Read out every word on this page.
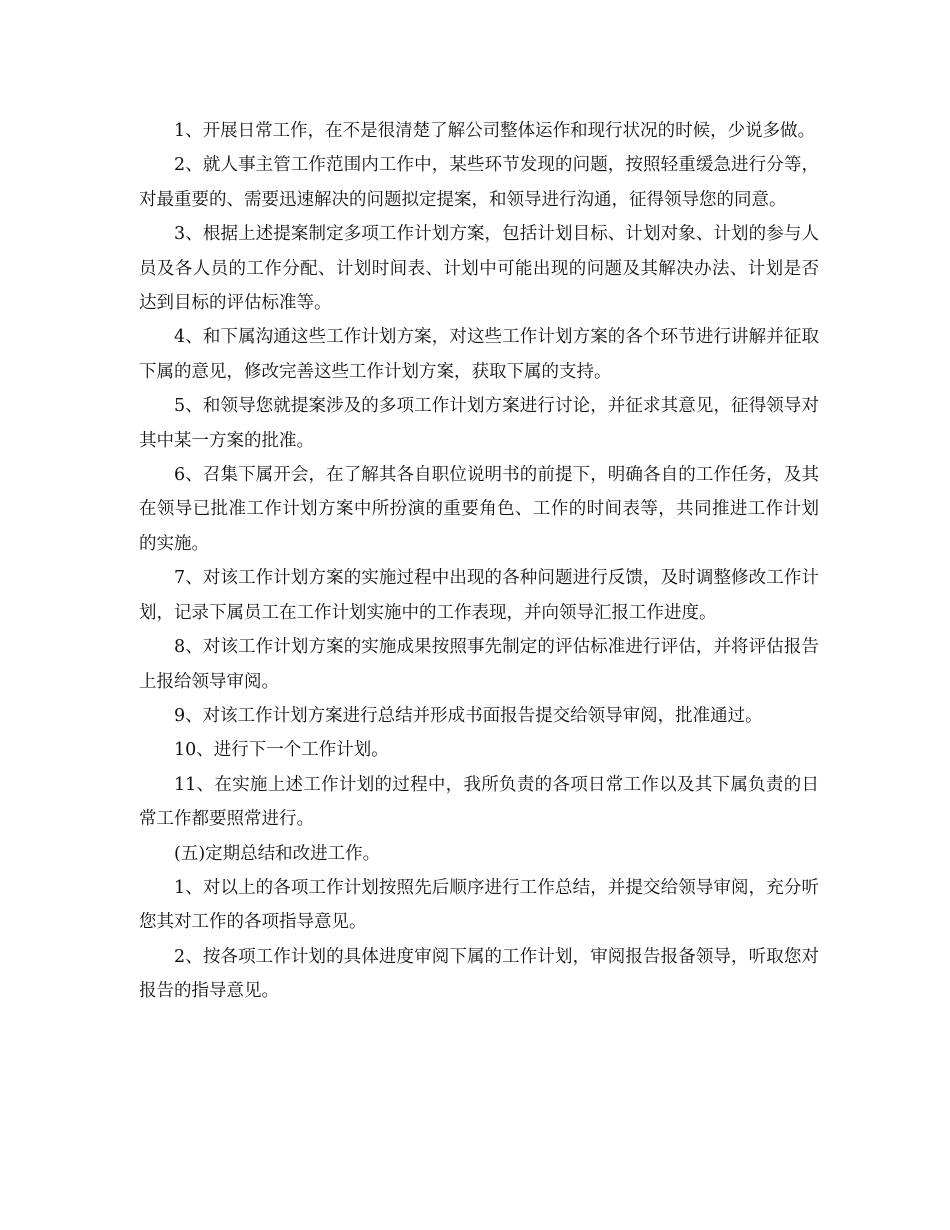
1、开展日常工作，在不是很清楚了解公司整体运作和现行状况的时候，少说多做。

2、就人事主管工作范围内工作中，某些环节发现的问题，按照轻重缓急进行分等， 对最重要的、需要迅速解决的问题拟定提案，和领导进行沟通，征得领导您的同意。

3、根据上述提案制定多项工作计划方案，包括计划目标、计划对象、计划的参与人员及各人员的工作分配、计划时间表、计划中可能出现的问题及其解决办法、计划是否达到目标的评估标准等。

4、和下属沟通这些工作计划方案，对这些工作计划方案的各个环节进行讲解并征取下属的意见，修改完善这些工作计划方案，获取下属的支持。

5、和领导您就提案涉及的多项工作计划方案进行讨论，并征求其意见，征得领导对其中某一方案的批准。

6、召集下属开会，在了解其各自职位说明书的前提下，明确各自的工作任务，及其在领导已批准工作计划方案中所扮演的重要角色、工作的时间表等，共同推进工作计划的实施。

7、对该工作计划方案的实施过程中出现的各种问题进行反馈，及时调整修改工作计划，记录下属员工在工作计划实施中的工作表现，并向领导汇报工作进度。

8、对该工作计划方案的实施成果按照事先制定的评估标准进行评估，并将评估报告上报给领导审阅。

9、对该工作计划方案进行总结并形成书面报告提交给领导审阅，批准通过。

10、进行下一个工作计划。

11、在实施上述工作计划的过程中，我所负责的各项日常工作以及其下属负责的日常工作都要照常进行。

(五)定期总结和改进工作。

1、对以上的各项工作计划按照先后顺序进行工作总结，并提交给领导审阅，充分听您其对工作的各项指导意见。

2、按各项工作计划的具体进度审阅下属的工作计划，审阅报告报备领导，听取您对报告的指导意见。
